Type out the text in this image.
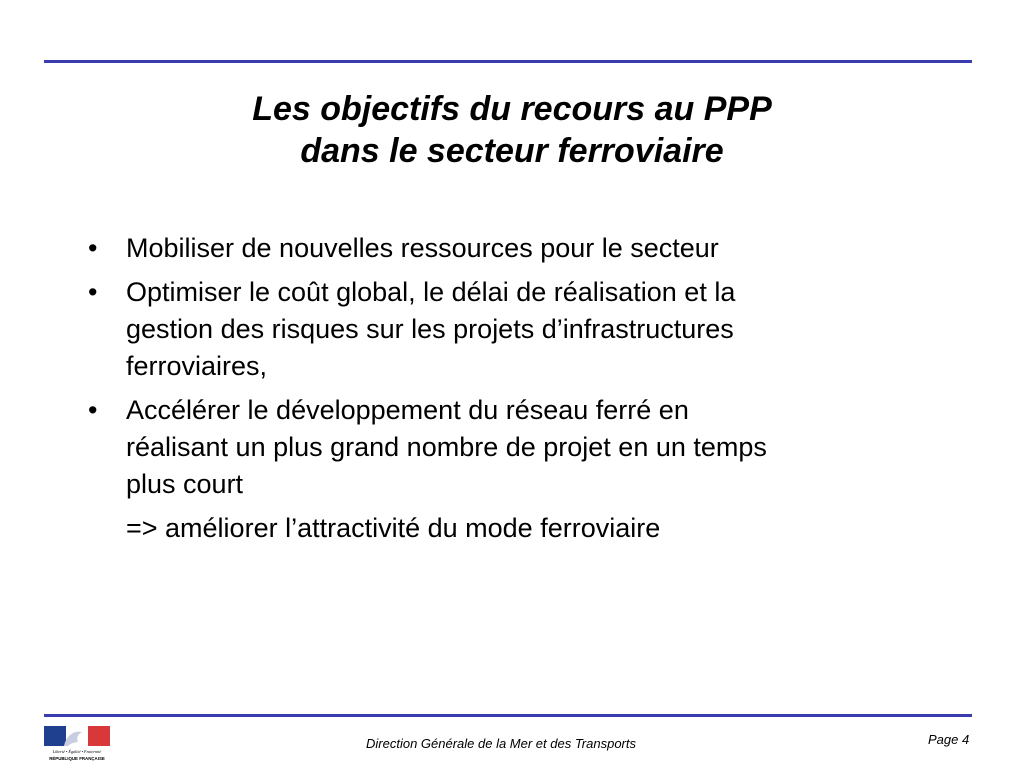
Les objectifs du recours au PPP
dans le secteur ferroviaire
• Mobiliser de nouvelles ressources pour le secteur
• Optimiser le coût global, le délai de réalisation et la
gestion des risques sur les projets d’infrastructures
ferroviaires,
• Accélérer le développement du réseau ferré en
réalisant un plus grand nombre de projet en un temps
plus court
=> améliorer l’attractivité du mode ferroviaire
Liberté • Égalité • Fraternité
RÉPUBLIQUE FRANÇAISE
Direction Générale de la Mer et des Transports	Page 4
